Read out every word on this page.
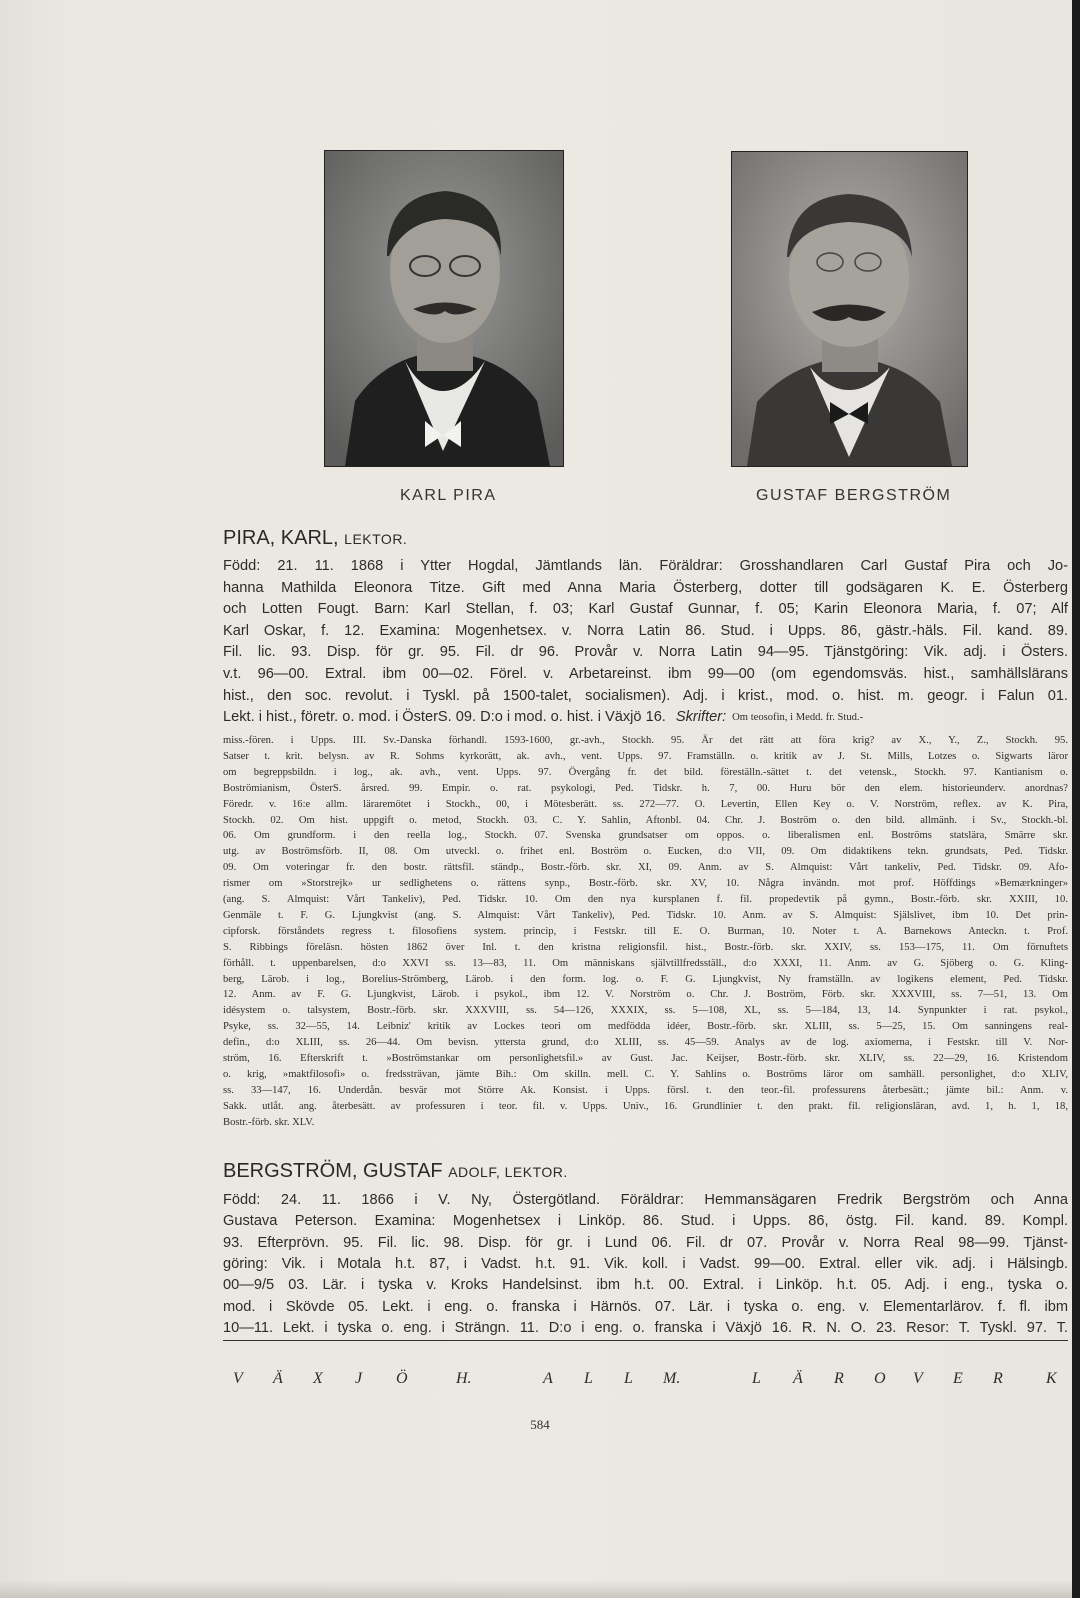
KARL PIRA	GUSTAF BERGSTRÖM
PIRA, KARL, LEKTOR.
Född: 21. 11. 1868 i Ytter Hogdal, Jämtlands län. Föräldrar: Grosshandlaren Carl Gustaf Pira och Jo-
hanna Mathilda Eleonora Titze. Gift med Anna Maria Österberg, dotter till godsägaren K. E. Österberg
och Lotten Fougt. Barn: Karl Stellan, f. 03; Karl Gustaf Gunnar, f. 05; Karin Eleonora Maria, f. 07; Alf
Karl Oskar, f. 12. Examina: Mogenhetsex. v. Norra Latin 86. Stud. i Upps. 86, gästr.-häls. Fil. kand. 89.
Fil. lic. 93. Disp. för gr. 95. Fil. dr 96. Provår v. Norra Latin 94—95. Tjänstgöring: Vik. adj. i Östers.
v.t. 96—00. Extral. ibm 00—02. Förel. v. Arbetareinst. ibm 99—00 (om egendomsväs. hist., samhällslärans
hist., den soc. revolut. i Tyskl. på 1500-talet, socialismen). Adj. i krist., mod. o. hist. m. geogr. i Falun 01.
Lekt. i hist., företr. o. mod. i ÖsterS. 09. D:o i mod. o. hist. i Växjö 16. Skrifter: Om teosofin, i Medd. fr. Stud.-
miss.-fören. i Upps. III. Sv.-Danska förhandl. 1593-1600, gr.-avh., Stockh. 95. Är det rätt att föra krig? av X., Y., Z., Stockh. 95.
Satser t. krit. belysn. av R. Sohms kyrkorätt, ak. avh., vent. Upps. 97. Framställn. o. kritik av J. St. Mills, Lotzes o. Sigwarts läror
om begreppsbildn. i log., ak. avh., vent. Upps. 97. Övergång fr. det bild. föreställn.-sättet t. det vetensk., Stockh. 97. Kantianism o.
Boströmianism, ÖsterS. årsred. 99. Empir. o. rat. psykologi, Ped. Tidskr. h. 7, 00. Huru bör den elem. historieunderv. anordnas?
Föredr. v. 16:e allm. läraremötet i Stockh., 00, i Mötesberätt. ss. 272—77. O. Levertin, Ellen Key o. V. Norström, reflex. av K. Pira,
Stockh. 02. Om hist. uppgift o. metod, Stockh. 03. C. Y. Sahlin, Aftonbl. 04. Chr. J. Boström o. den bild. allmänh. i Sv., Stockh.-bl.
06. Om grundform. i den reella log., Stockh. 07. Svenska grundsatser om oppos. o. liberalismen enl. Boströms statslära, Smärre skr.
utg. av Boströmsförb. II, 08. Om utveckl. o. frihet enl. Boström o. Eucken, d:o VII, 09. Om didaktikens tekn. grundsats, Ped. Tidskr.
09. Om voteringar fr. den bostr. rättsfil. ständp., Bostr.-förb. skr. XI, 09. Anm. av S. Almquist: Vårt tankeliv, Ped. Tidskr. 09. Afo-
rismer om »Storstrejk» ur sedlighetens o. rättens synp., Bostr.-förb. skr. XV, 10. Några invändn. mot prof. Höffdings »Bemærkninger»
(ang. S. Almquist: Vårt Tankeliv), Ped. Tidskr. 10. Om den nya kursplanen f. fil. propedevtik på gymn., Bostr.-förb. skr. XXIII, 10.
Genmäle t. F. G. Ljungkvist (ang. S. Almquist: Vårt Tankeliv), Ped. Tidskr. 10. Anm. av S. Almquist: Själslivet, ibm 10. Det prin-
cipforsk. förståndets regress t. filosofiens system. princip, i Festskr. till E. O. Burman, 10. Noter t. A. Barnekows Anteckn. t. Prof.
S. Ribbings föreläsn. hösten 1862 över Inl. t. den kristna religionsfil. hist., Bostr.-förb. skr. XXIV, ss. 153—175, 11. Om förnuftets
förhåll. t. uppenbarelsen, d:o XXVI ss. 13—83, 11. Om människans självtillfredsställ., d:o XXXI, 11. Anm. av G. Sjöberg o. G. Kling-
berg, Lärob. i log., Borelius-Strömberg, Lärob. i den form. log. o. F. G. Ljungkvist, Ny framställn. av logikens element, Ped. Tidskr.
12. Anm. av F. G. Ljungkvist, Lärob. i psykol., ibm 12. V. Norström o. Chr. J. Boström, Förb. skr. XXXVIII, ss. 7—51, 13. Om
idésystem o. talsystem, Bostr.-förb. skr. XXXVIII, ss. 54—126, XXXIX, ss. 5—108, XL, ss. 5—184, 13, 14. Synpunkter i rat. psykol.,
Psyke, ss. 32—55, 14. Leibniz' kritik av Lockes teori om medfödda idéer, Bostr.-förb. skr. XLIII, ss. 5—25, 15. Om sanningens real-
defin., d:o XLIII, ss. 26—44. Om bevisn. yttersta grund, d:o XLIII, ss. 45—59. Analys av de log. axiomerna, i Festskr. till V. Nor-
ström, 16. Efterskrift t. »Boströmstankar om personlighetsfil.» av Gust. Jac. Keijser, Bostr.-förb. skr. XLIV, ss. 22—29, 16. Kristendom
o. krig, »maktfilosofi» o. fredssträvan, jämte Bih.: Om skilln. mell. C. Y. Sahlins o. Boströms läror om samhäll. personlighet, d:o XLIV,
ss. 33—147, 16. Underdån. besvär mot Större Ak. Konsist. i Upps. försl. t. den teor.-fil. professurens återbesätt.; jämte bil.: Anm. v.
Sakk. utlåt. ang. återbesätt. av professuren i teor. fil. v. Upps. Univ., 16. Grundlinier t. den prakt. fil. religionsläran, avd. 1, h. 1, 18,
Bostr.-förb. skr. XLV.
BERGSTRÖM, GUSTAF ADOLF, LEKTOR.
Född: 24. 11. 1866 i V. Ny, Östergötland. Föräldrar: Hemmansägaren Fredrik Bergström och Anna
Gustava Peterson. Examina: Mogenhetsex i Linköp. 86. Stud. i Upps. 86, östg. Fil. kand. 89. Kompl.
93. Efterprövn. 95. Fil. lic. 98. Disp. för gr. i Lund 06. Fil. dr 07. Provår v. Norra Real 98—99. Tjänst-
göring: Vik. i Motala h.t. 87, i Vadst. h.t. 91. Vik. koll. i Vadst. 99—00. Extral. eller vik. adj. i Hälsingb.
00—9/5 03. Lär. i tyska v. Kroks Handelsinst. ibm h.t. 00. Extral. i Linköp. h.t. 05. Adj. i eng., tyska o.
mod. i Skövde 05. Lekt. i eng. o. franska i Härnös. 07. Lär. i tyska o. eng. v. Elementarlärov. f. fl. ibm
10—11. Lekt. i tyska o. eng. i Strängn. 11. D:o i eng. o. franska i Växjö 16. R. N. O. 23. Resor: T. Tyskl. 97. T.
V Ä X J Ö	H.	A L L M.	L Ä R O V E R	K
584
